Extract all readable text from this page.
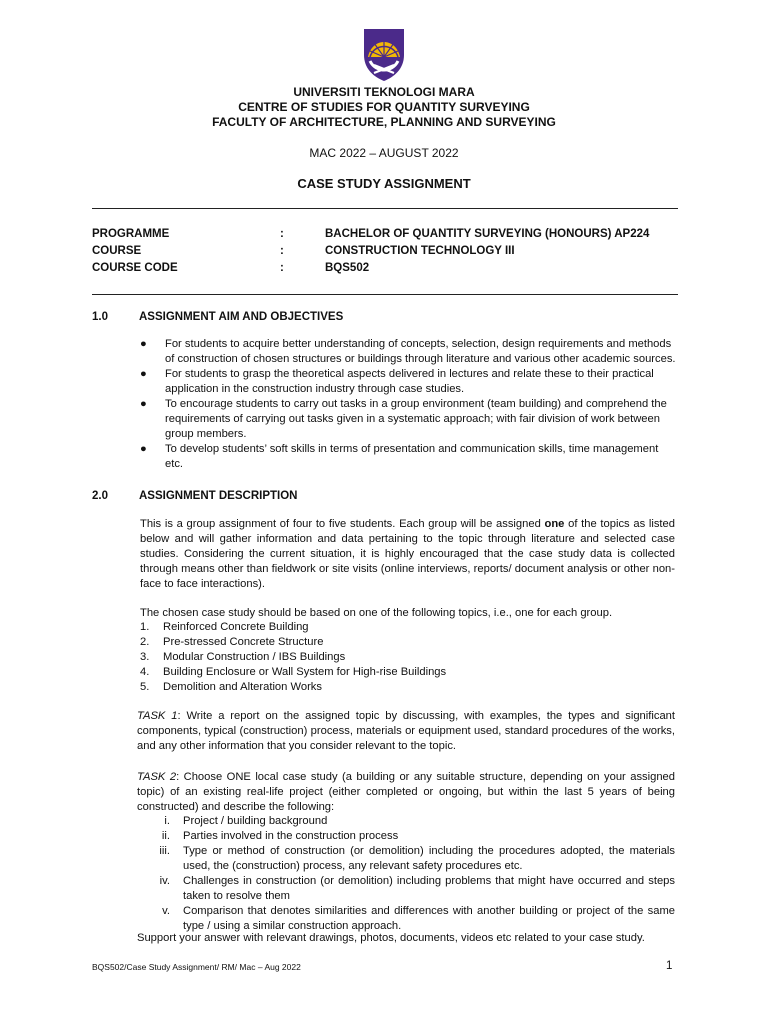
UNIVERSITI TEKNOLOGI MARA
CENTRE OF STUDIES FOR QUANTITY SURVEYING
FACULTY OF ARCHITECTURE, PLANNING AND SURVEYING
MAC 2022 – AUGUST 2022
CASE STUDY ASSIGNMENT
PROGRAMME	:	BACHELOR OF QUANTITY SURVEYING (HONOURS) AP224
COURSE	:	CONSTRUCTION TECHNOLOGY III
COURSE CODE	:	BQS502
1.0	ASSIGNMENT AIM AND OBJECTIVES

● For students to acquire better understanding of concepts, selection, design requirements and methods of construction of chosen structures or buildings through literature and various other academic sources.

● For students to grasp the theoretical aspects delivered in lectures and relate these to their practical application in the construction industry through case studies.

● To encourage students to carry out tasks in a group environment (team building) and comprehend the requirements of carrying out tasks given in a systematic approach; with fair division of work between group members.

● To develop students’ soft skills in terms of presentation and communication skills, time management etc.

2.0	ASSIGNMENT DESCRIPTION

This is a group assignment of four to five students. Each group will be assigned one of the topics as listed below and will gather information and data pertaining to the topic through literature and selected case studies. Considering the current situation, it is highly encouraged that the case study data is collected through means other than fieldwork or site visits (online interviews, reports/ document analysis or other non-face to face interactions).

The chosen case study should be based on one of the following topics, i.e., one for each group.

1. Reinforced Concrete Building
2. Pre-stressed Concrete Structure
3. Modular Construction / IBS Buildings
4. Building Enclosure or Wall System for High-rise Buildings
5. Demolition and Alteration Works

TASK 1: Write a report on the assigned topic by discussing, with examples, the types and significant components, typical (construction) process, materials or equipment used, standard procedures of the works, and any other information that you consider relevant to the topic.

TASK 2: Choose ONE local case study (a building or any suitable structure, depending on your assigned topic) of an existing real-life project (either completed or ongoing, but within the last 5 years of being constructed) and describe the following:

i. Project / building background
ii. Parties involved in the construction process
iii. Type or method of construction (or demolition) including the procedures adopted, the materials used, the (construction) process, any relevant safety procedures etc.
iv. Challenges in construction (or demolition) including problems that might have occurred and steps taken to resolve them
v. Comparison that denotes similarities and differences with another building or project of the same type / using a similar construction approach.
Support your answer with relevant drawings, photos, documents, videos etc related to your case study.
BQS502/Case Study Assignment/ RM/ Mac – Aug 2022	1
